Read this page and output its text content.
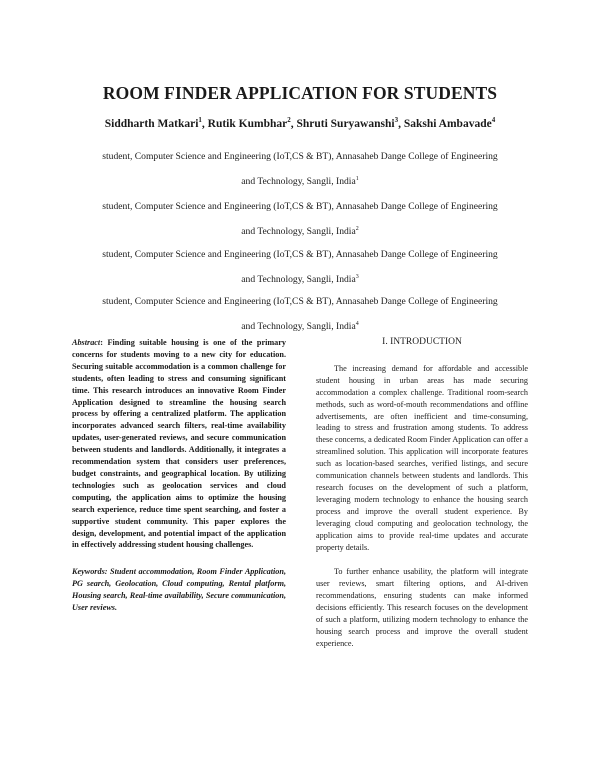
ROOM FINDER APPLICATION FOR STUDENTS
Siddharth Matkari$^1$, Rutik Kumbhar$^2$, Shruti Suryawanshi$^3$, Sakshi Ambavade$^4$
student, Computer Science and Engineering (IoT,CS & BT), Annasaheb Dange College of Engineering
and Technology, Sangli, India$^1$
student, Computer Science and Engineering (IoT,CS & BT), Annasaheb Dange College of Engineering
and Technology, Sangli, India$^2$
student, Computer Science and Engineering (IoT,CS & BT), Annasaheb Dange College of Engineering
and Technology, Sangli, India$^3$
student, Computer Science and Engineering (IoT,CS & BT), Annasaheb Dange College of Engineering
and Technology, Sangli, India$^4$

Abstract: Finding suitable housing is one of the primary concerns for students moving to a new city for education. Securing suitable accommodation is a common challenge for students, often leading to stress and consuming significant time. This research introduces an innovative Room Finder Application designed to streamline the housing search process by offering a centralized platform. The application incorporates advanced search filters, real-time availability updates, user-generated reviews, and secure communication between students and landlords. Additionally, it integrates a recommendation system that considers user preferences, budget constraints, and geographical location. By utilizing technologies such as geolocation services and cloud computing, the application aims to optimize the housing search experience, reduce time spent searching, and foster a supportive student community. This paper explores the design, development, and potential impact of the application in effectively addressing student housing challenges.

Keywords: Student accommodation, Room Finder Application, PG search, Geolocation, Cloud computing, Rental platform, Housing search, Real-time availability, Secure communication, User reviews.

I. INTRODUCTION

The increasing demand for affordable and accessible student housing in urban areas has made securing accommodation a complex challenge. Traditional room-search methods, such as word-of-mouth recommendations and offline advertisements, are often inefficient and time-consuming, leading to stress and frustration among students. To address these concerns, a dedicated Room Finder Application can offer a streamlined solution. This application will incorporate features such as location-based searches, verified listings, and secure communication channels between students and landlords. This research focuses on the development of such a platform, leveraging modern technology to enhance the housing search process and improve the overall student experience. By leveraging cloud computing and geolocation technology, the application aims to provide real-time updates and accurate property details.

To further enhance usability, the platform will integrate user reviews, smart filtering options, and AI-driven recommendations, ensuring students can make informed decisions efficiently. This research focuses on the development of such a platform, utilizing modern technology to enhance the housing search process and improve the overall student experience.
